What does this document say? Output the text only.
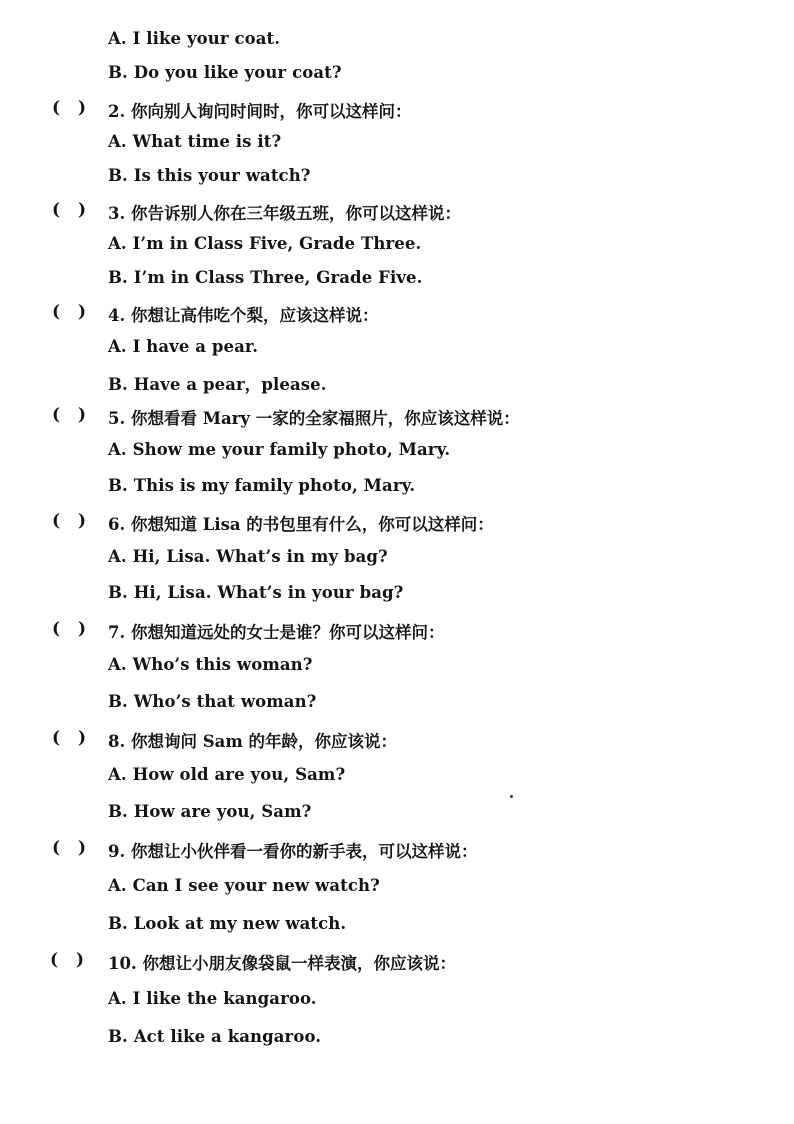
A. I like your coat.
B. Do you like your coat?
( ) 2. 你向别人询问时间时，你可以这样问：
A. What time is it?
B. Is this your watch?
( ) 3. 你告诉别人你在三年级五班，你可以这样说：
A. I’m in Class Five, Grade Three.
B. I’m in Class Three, Grade Five.
( ) 4. 你想让高伟吃个梨，应该这样说：
A. I have a pear.
B. Have a pear，please.
( ) 5. 你想看看 Mary 一家的全家福照片，你应该这样说：
A. Show me your family photo, Mary.
B. This is my family photo, Mary.
( ) 6. 你想知道 Lisa 的书包里有什么，你可以这样问：
A. Hi, Lisa. What’s in my bag?
B. Hi, Lisa. What’s in your bag?
( ) 7. 你想知道远处的女士是谁？你可以这样问：
A. Who’s this woman?
B. Who’s that woman?
( ) 8. 你想询问 Sam 的年龄，你应该说：
A. How old are you, Sam?
B. How are you, Sam?
( ) 9. 你想让小伙伴看一看你的新手表，可以这样说：
A. Can I see your new watch?
B. Look at my new watch.
( ) 10. 你想让小朋友像袋鼠一样表演，你应该说：
A. I like the kangaroo.
B. Act like a kangaroo.
